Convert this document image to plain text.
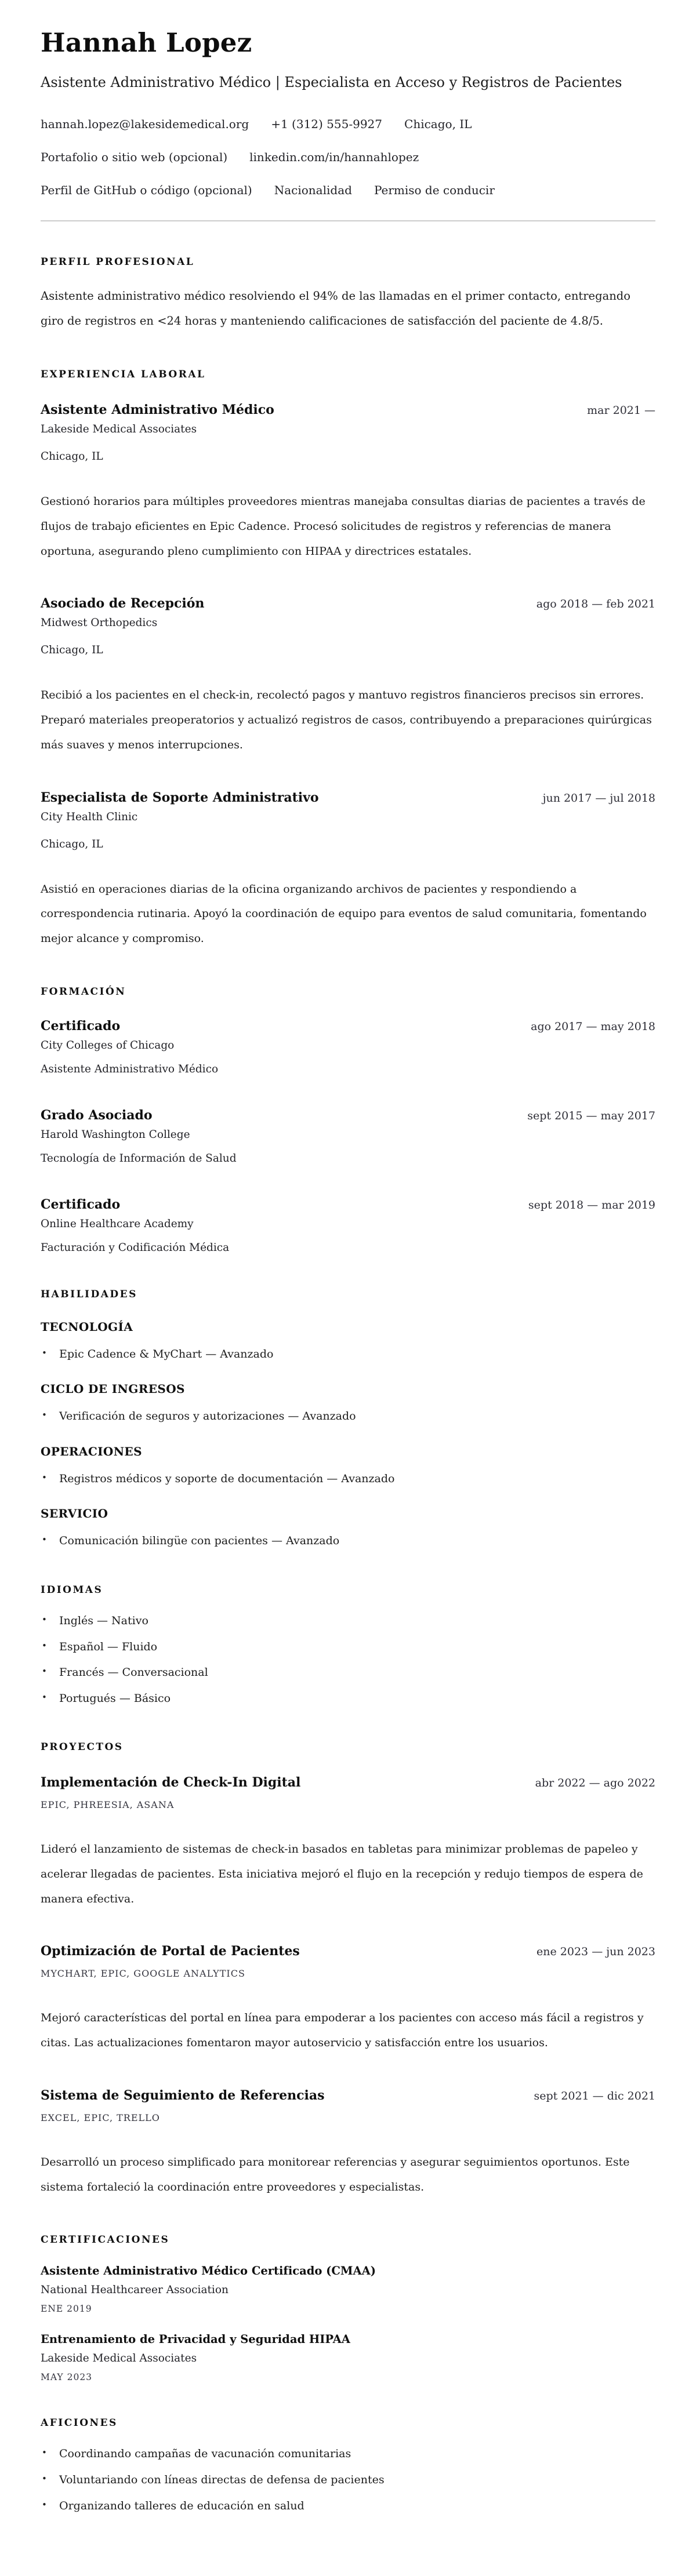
Hannah Lopez
Asistente Administrativo Médico | Especialista en Acceso y Registros de Pacientes
hannah.lopez@lakesidemedical.org +1 (312) 555-9927 Chicago, IL
Portafolio o sitio web (opcional) linkedin.com/in/hannahlopez
Perfil de GitHub o código (opcional) Nacionalidad Permiso de conducir
PERFIL PROFESIONAL

Asistente administrativo médico resolviendo el 94% de las llamadas en el primer contacto, entregando giro de registros en <24 horas y manteniendo calificaciones de satisfacción del paciente de 4.8/5.

EXPERIENCIA LABORAL
Asistente Administrativo Médico	mar 2021 —
Lakeside Medical Associates
Chicago, IL

Gestionó horarios para múltiples proveedores mientras manejaba consultas diarias de pacientes a través de flujos de trabajo eficientes en Epic Cadence. Procesó solicitudes de registros y referencias de manera oportuna, asegurando pleno cumplimiento con HIPAA y directrices estatales.

Asociado de Recepción	ago 2018 — feb 2021
Midwest Orthopedics
Chicago, IL

Recibió a los pacientes en el check-in, recolectó pagos y mantuvo registros financieros precisos sin errores. Preparó materiales preoperatorios y actualizó registros de casos, contribuyendo a preparaciones quirúrgicas más suaves y menos interrupciones.

Especialista de Soporte Administrativo	jun 2017 — jul 2018
City Health Clinic
Chicago, IL

Asistió en operaciones diarias de la oficina organizando archivos de pacientes y respondiendo a correspondencia rutinaria. Apoyó la coordinación de equipo para eventos de salud comunitaria, fomentando mejor alcance y compromiso.

FORMACIÓN
Certificado	ago 2017 — may 2018
City Colleges of Chicago
Asistente Administrativo Médico
Grado Asociado	sept 2015 — may 2017
Harold Washington College
Tecnología de Información de Salud
Certificado	sept 2018 — mar 2019
Online Healthcare Academy
Facturación y Codificación Médica
HABILIDADES
TECNOLOGÍA
• Epic Cadence & MyChart — Avanzado
CICLO DE INGRESOS
• Verificación de seguros y autorizaciones — Avanzado
OPERACIONES
• Registros médicos y soporte de documentación — Avanzado
SERVICIO
• Comunicación bilingüe con pacientes — Avanzado
IDIOMAS
• Inglés — Nativo
• Español — Fluido
• Francés — Conversacional
• Portugués — Básico
PROYECTOS
Implementación de Check-In Digital	abr 2022 — ago 2022
EPIC, PHREESIA, ASANA

Lideró el lanzamiento de sistemas de check-in basados en tabletas para minimizar problemas de papeleo y acelerar llegadas de pacientes. Esta iniciativa mejoró el flujo en la recepción y redujo tiempos de espera de manera efectiva.

Optimización de Portal de Pacientes	ene 2023 — jun 2023
MYCHART, EPIC, GOOGLE ANALYTICS

Mejoró características del portal en línea para empoderar a los pacientes con acceso más fácil a registros y citas. Las actualizaciones fomentaron mayor autoservicio y satisfacción entre los usuarios.

Sistema de Seguimiento de Referencias	sept 2021 — dic 2021
EXCEL, EPIC, TRELLO

Desarrolló un proceso simplificado para monitorear referencias y asegurar seguimientos oportunos. Este sistema fortaleció la coordinación entre proveedores y especialistas.

CERTIFICACIONES
Asistente Administrativo Médico Certificado (CMAA)
National Healthcareer Association
ENE 2019
Entrenamiento de Privacidad y Seguridad HIPAA
Lakeside Medical Associates
MAY 2023
AFICIONES
• Coordinando campañas de vacunación comunitarias
• Voluntariando con líneas directas de defensa de pacientes
• Organizando talleres de educación en salud
